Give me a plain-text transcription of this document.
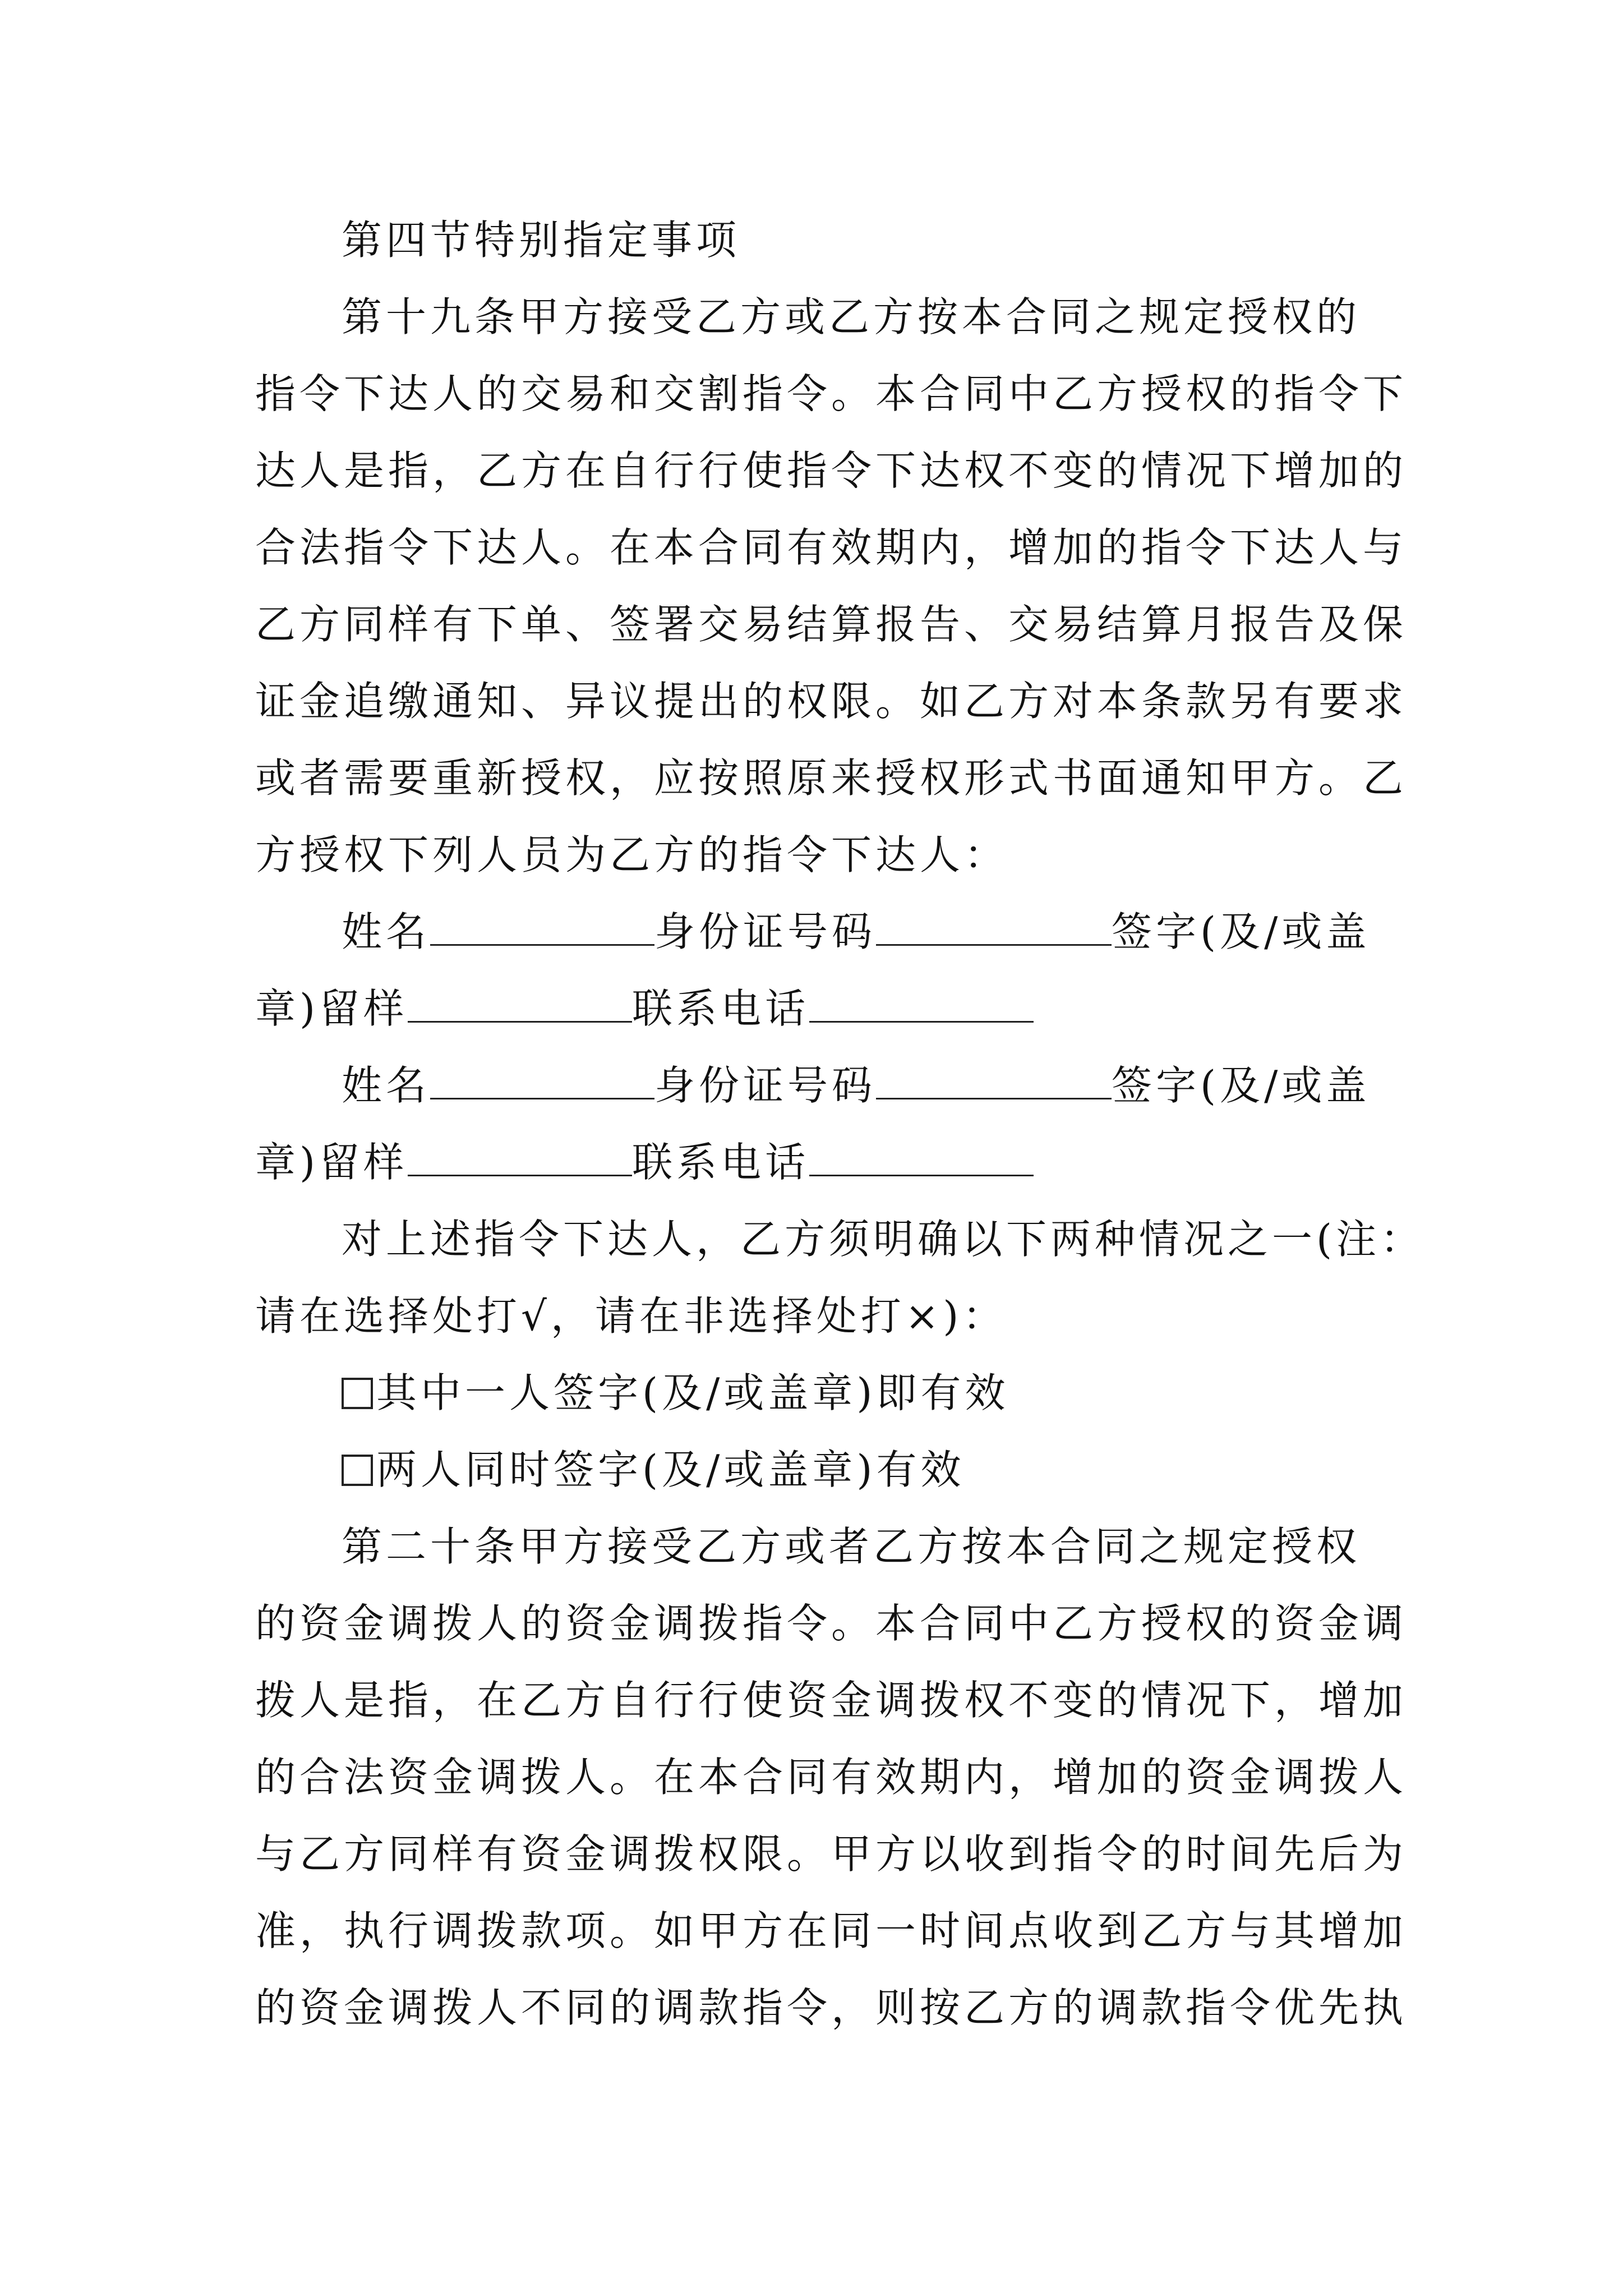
第四节特别指定事项

第十九条甲方接受乙方或乙方按本合同之规定授权的
指令下达人的交易和交割指令。本合同中乙方授权的指令下
达人是指，乙方在自行行使指令下达权不变的情况下增加的
合法指令下达人。在本合同有效期内，增加的指令下达人与
乙方同样有下单、签署交易结算报告、交易结算月报告及保
证金追缴通知、异议提出的权限。如乙方对本条款另有要求
或者需要重新授权，应按照原来授权形式书面通知甲方。乙
方授权下列人员为乙方的指令下达人：

姓名	身份证号码	签字(及/或盖
章)留样	联系电话

姓名	身份证号码	签字(及/或盖
章)留样	联系电话

对上述指令下达人，乙方须明确以下两种情况之一(注：
请在选择处打√，请在非选择处打×)：

其中一人签字(及/或盖章)即有效

两人同时签字(及/或盖章)有效

第二十条甲方接受乙方或者乙方按本合同之规定授权
的资金调拨人的资金调拨指令。本合同中乙方授权的资金调
拨人是指，在乙方自行行使资金调拨权不变的情况下，增加
的合法资金调拨人。在本合同有效期内，增加的资金调拨人
与乙方同样有资金调拨权限。甲方以收到指令的时间先后为
准，执行调拨款项。如甲方在同一时间点收到乙方与其增加
的资金调拨人不同的调款指令，则按乙方的调款指令优先执
